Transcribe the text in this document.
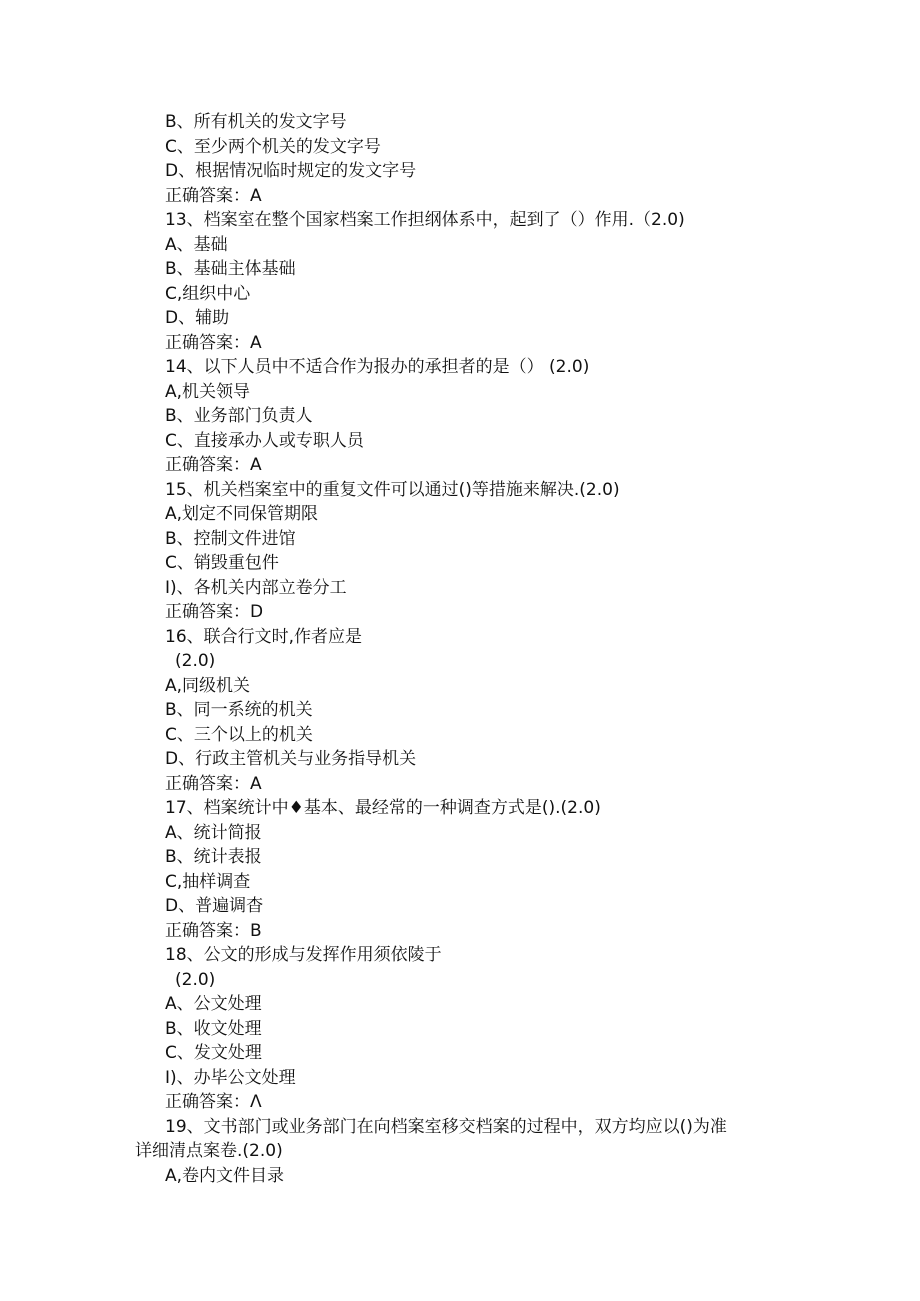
B、所有机关的发文字号
C、至少两个机关的发文字号
D、根据情况临时规定的发文字号
正确答案：A
13、档案室在整个国家档案工作担纲体系中，起到了（）作用.（2.0)
A、基础
B、基础主体基础
C,组织中心
D、辅助
正确答案：A
14、以下人员中不适合作为报办的承担者的是（） (2.0)
A,机关领导
B、业务部门负责人
C、直接承办人或专职人员
正确答案：A
15、机关档案室中的重复文件可以通过()等措施来解决.(2.0)
A,划定不同保管期限
B、控制文件进馆
C、销毁重包件
I)、各机关内部立卷分工
正确答案：D
16、联合行文时,作者应是
(2.0)
A,同级机关
B、同一系统的机关
C、三个以上的机关
D、行政主管机关与业务指导机关
正确答案：A
17、档案统计中♦基本、最经常的一种调查方式是().(2.0)
A、统计简报
B、统计表报
C,抽样调查
D、普遍调杳
正确答案：B
18、公文的形成与发挥作用须依陵于
(2.0)
A、公文处理
B、收文处理
C、发文处理
I)、办毕公文处理
正确答案：Λ
19、文书部门或业务部门在向档案室移交档案的过程中，双方均应以()为准
详细清点案卷.(2.0)
A,卷内文件目录
